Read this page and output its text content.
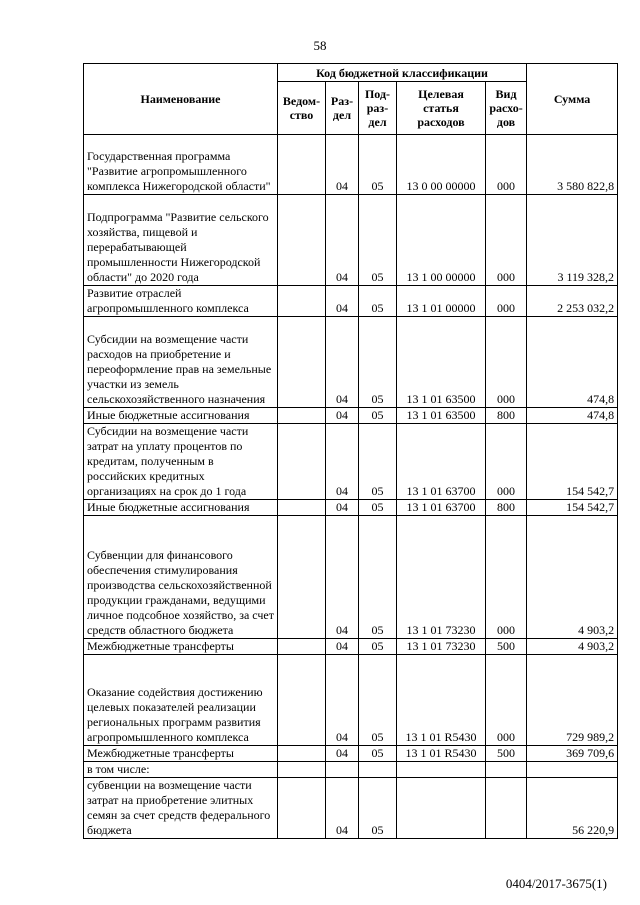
58
Наименование	Код бюджетной классификации					Сумма
	Ведом-ство	Раз-дел	Под-раз-дел	Целевая статья расходов	Вид расхо-дов	
Государственная программа "Развитие агропромышленного комплекса Нижегородской области"		04	05	13 0 00 00000	000	3 580 822,8
Подпрограмма "Развитие сельского хозяйства, пищевой и перерабатывающей промышленности Нижегородской области" до 2020 года		04	05	13 1 00 00000	000	3 119 328,2
Развитие отраслей агропромышленного комплекса		04	05	13 1 01 00000	000	2 253 032,2
Субсидии на возмещение части расходов на приобретение и переоформление прав на земельные участки из земель сельскохозяйственного назначения		04	05	13 1 01 63500	000	474,8
Иные бюджетные ассигнования		04	05	13 1 01 63500	800	474,8
Субсидии на возмещение части затрат на уплату процентов по кредитам, полученным в российских кредитных организациях на срок до 1 года		04	05	13 1 01 63700	000	154 542,7
Иные бюджетные ассигнования		04	05	13 1 01 63700	800	154 542,7
Субвенции для финансового обеспечения стимулирования производства сельскохозяйственной продукции гражданами, ведущими личное подсобное хозяйство, за счет средств областного бюджета		04	05	13 1 01 73230	000	4 903,2
Межбюджетные трансферты		04	05	13 1 01 73230	500	4 903,2
Оказание содействия достижению целевых показателей реализации региональных программ развития агропромышленного комплекса		04	05	13 1 01 R5430	000	729 989,2
Межбюджетные трансферты		04	05	13 1 01 R5430	500	369 709,6
в том числе:						
субвенции на возмещение части затрат на приобретение элитных семян за счет средств федерального бюджета		04	05			56 220,9
0404/2017-3675(1)
